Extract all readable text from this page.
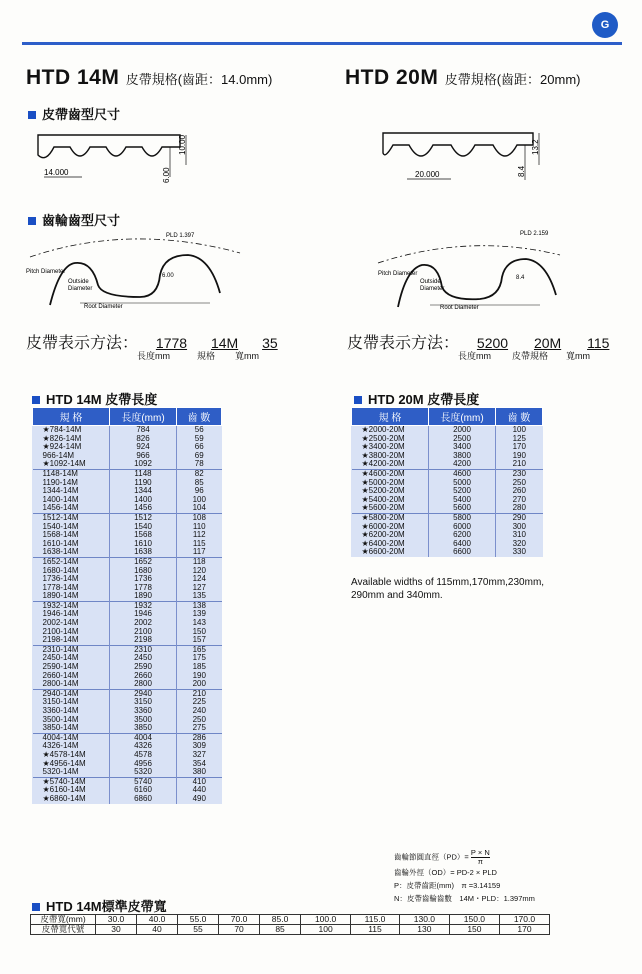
G
HTD 14M 皮帶規格(齒距：14.0mm)
皮帶齒型尺寸
14.000
10.00
6.00
齒輪齒型尺寸
PLD 1.397
Pitch Diameter
Outside
Diameter
Root Diameter
6.00
皮帶表示方法： 1778 14M 35
長度mm	規格 寬mm
HTD 20M 皮帶規格(齒距：20mm)
20.000
13.2
8.4
PLD 2.159
Pitch Diameter
Outside
Diameter
Root Diameter
8.4
皮帶表示方法： 5200 20M 115
長度mm 皮帶規格 寬mm
HTD 14M 皮帶長度
規 格	長度(mm)	齒 數
★784-14M	784	56
★826-14M	826	59
★924-14M	924	66
966-14M	966	69
★1092-14M	1092	78
1148-14M	1148	82
1190-14M	1190	85
1344-14M	1344	96
1400-14M	1400	100
1456-14M	1456	104
1512-14M	1512	108
1540-14M	1540	110
1568-14M	1568	112
1610-14M	1610	115
1638-14M	1638	117
1652-14M	1652	118
1680-14M	1680	120
1736-14M	1736	124
1778-14M	1778	127
1890-14M	1890	135
1932-14M	1932	138
1946-14M	1946	139
2002-14M	2002	143
2100-14M	2100	150
2198-14M	2198	157
2310-14M	2310	165
2450-14M	2450	175
2590-14M	2590	185
2660-14M	2660	190
2800-14M	2800	200
2940-14M	2940	210
3150-14M	3150	225
3360-14M	3360	240
3500-14M	3500	250
3850-14M	3850	275
4004-14M	4004	286
4326-14M	4326	309
★4578-14M	4578	327
★4956-14M	4956	354
5320-14M	5320	380
★5740-14M	5740	410
★6160-14M	6160	440
★6860-14M	6860	490
HTD 20M 皮帶長度
規 格	長度(mm)	齒 數
★2000-20M	2000	100
★2500-20M	2500	125
★3400-20M	3400	170
★3800-20M	3800	190
★4200-20M	4200	210
★4600-20M	4600	230
★5000-20M	5000	250
★5200-20M	5200	260
★5400-20M	5400	270
★5600-20M	5600	280
★5800-20M	5800	290
★6000-20M	6000	300
★6200-20M	6200	310
★6400-20M	6400	320
★6600-20M	6600	330
Available widths of 115mm,170mm,230mm, 290mm and 340mm.
齒輪節圓直徑$(PD)= \frac{P \times N}{\pi}$
齒輪外徑（OD）= PD-2 × PLD
P：皮帶齒距(mm)　π =3.14159
N：皮帶齒輪齒數　14M・PLD：1.397mm
HTD 14M標準皮帶寬
皮帶寬(mm)	30.0	40.0	55.0	70.0	85.0	100.0	115.0	130.0	150.0	170.0
皮帶寬代號	30	40	55	70	85	100	115	130	150	170
